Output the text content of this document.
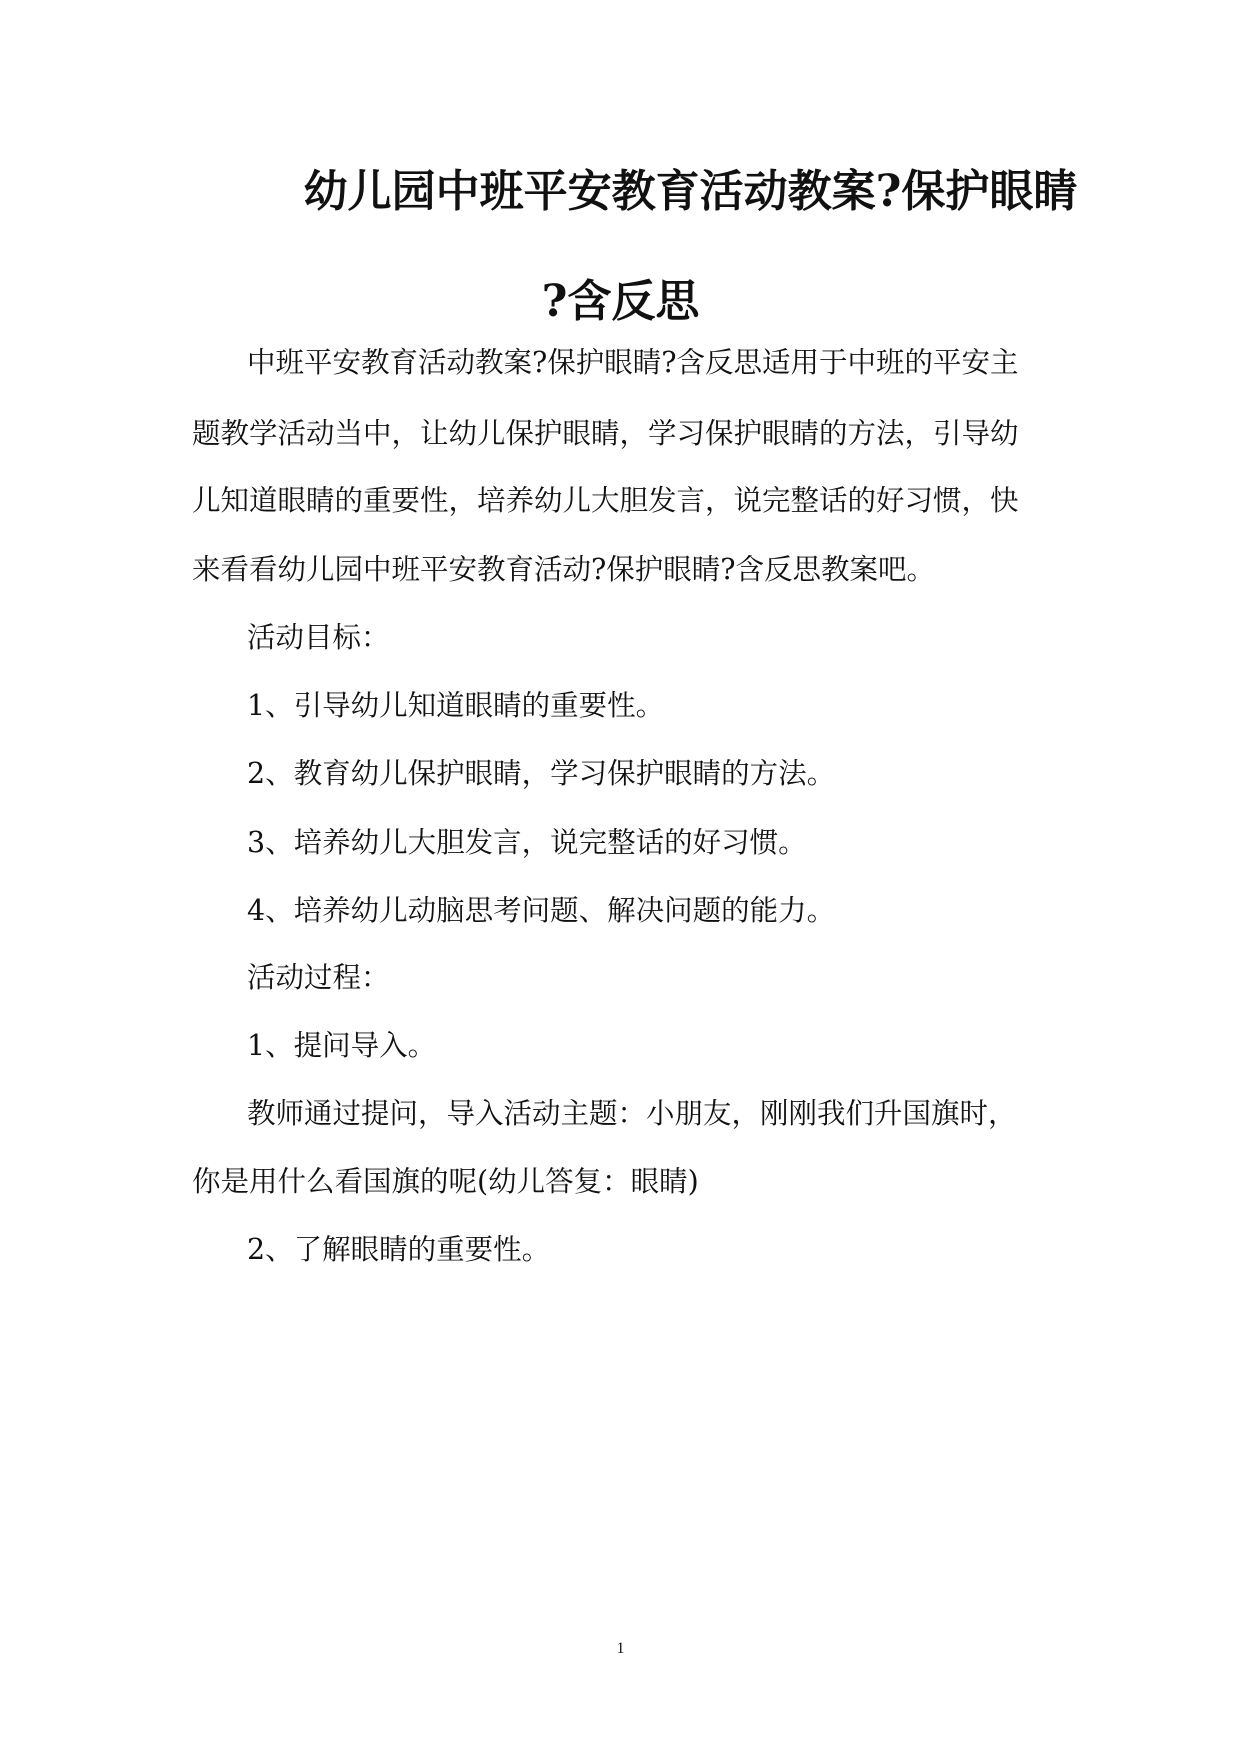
幼儿园中班平安教育活动教案?保护眼睛
?含反思
中班平安教育活动教案?保护眼睛?含反思适用于中班的平安主
题教学活动当中，让幼儿保护眼睛，学习保护眼睛的方法，引导幼
儿知道眼睛的重要性，培养幼儿大胆发言，说完整话的好习惯，快
来看看幼儿园中班平安教育活动?保护眼睛?含反思教案吧。
活动目标：
1、引导幼儿知道眼睛的重要性。
2、教育幼儿保护眼睛，学习保护眼睛的方法。
3、培养幼儿大胆发言，说完整话的好习惯。
4、培养幼儿动脑思考问题、解决问题的能力。
活动过程：
1、提问导入。
教师通过提问，导入活动主题：小朋友，刚刚我们升国旗时，
你是用什么看国旗的呢(幼儿答复：眼睛)
2、了解眼睛的重要性。
1
